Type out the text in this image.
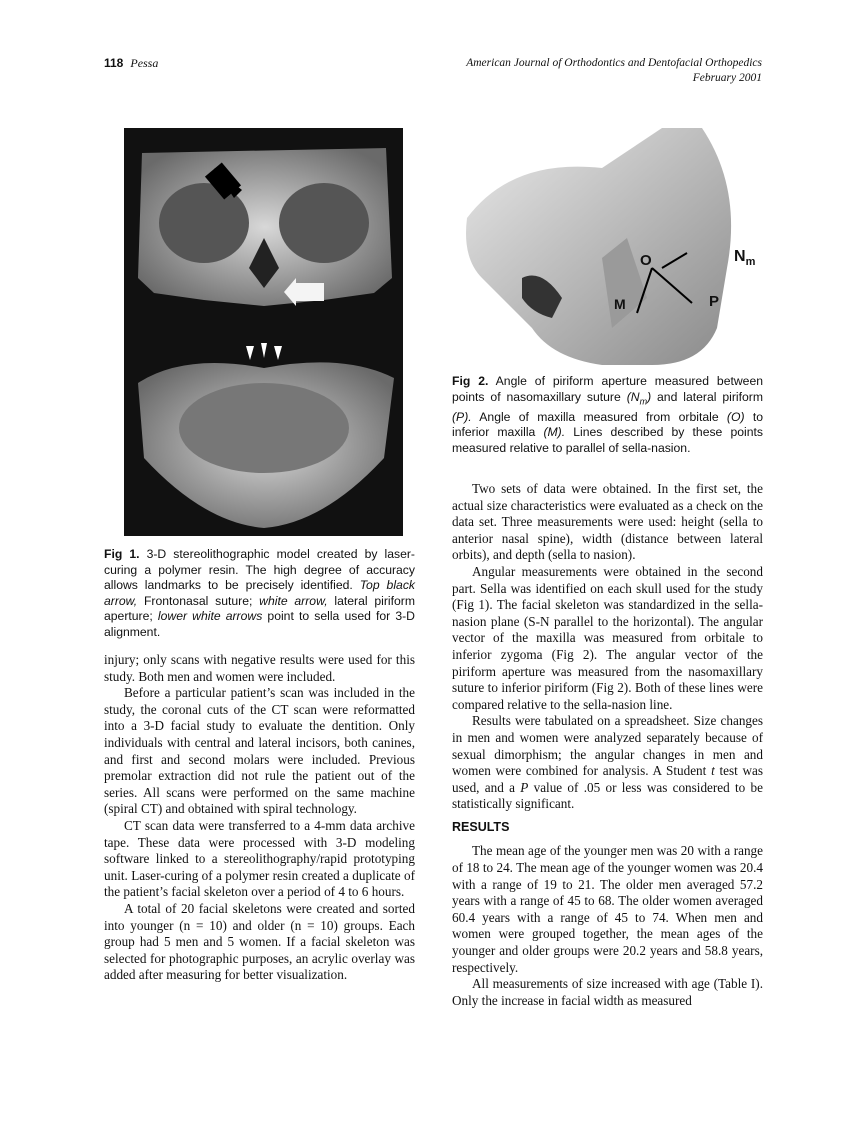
118 Pessa	American Journal of Orthodontics and Dentofacial Orthopedics
February 2001
Fig 1. 3-D stereolithographic model created by laser-curing a polymer resin. The high degree of accuracy allows landmarks to be precisely identified. Top black arrow, Frontonasal suture; white arrow, lateral piriform aperture; lower white arrows point to sella used for 3-D alignment.
O	$N_m$
M	P
Fig 2. Angle of piriform aperture measured between points of nasomaxillary suture $(N_m)$ and lateral piriform (P). Angle of maxilla measured from orbitale (O) to inferior maxilla (M). Lines described by these points measured relative to parallel of sella-nasion.

injury; only scans with negative results were used for this study. Both men and women were included.

Before a particular patient’s scan was included in the study, the coronal cuts of the CT scan were reformatted into a 3-D facial study to evaluate the dentition. Only individuals with central and lateral incisors, both canines, and first and second molars were included. Previous premolar extraction did not rule the patient out of the series. All scans were performed on the same machine (spiral CT) and obtained with spiral technology.

CT scan data were transferred to a 4-mm data archive tape. These data were processed with 3-D modeling software linked to a stereolithography/rapid prototyping unit. Laser-curing of a polymer resin created a duplicate of the patient’s facial skeleton over a period of 4 to 6 hours.

A total of 20 facial skeletons were created and sorted into younger (n = 10) and older (n = 10) groups. Each group had 5 men and 5 women. If a facial skeleton was selected for photographic purposes, an acrylic overlay was added after measuring for better visualization.

Two sets of data were obtained. In the first set, the actual size characteristics were evaluated as a check on the data set. Three measurements were used: height (sella to anterior nasal spine), width (distance between lateral orbits), and depth (sella to nasion).

Angular measurements were obtained in the second part. Sella was identified on each skull used for the study (Fig 1). The facial skeleton was standardized in the sella-nasion plane (S-N parallel to the horizontal). The angular vector of the maxilla was measured from orbitale to inferior zygoma (Fig 2). The angular vector of the piriform aperture was measured from the nasomaxillary suture to inferior piriform (Fig 2). Both of these lines were compared relative to the sella-nasion line.

Results were tabulated on a spreadsheet. Size changes in men and women were analyzed separately because of sexual dimorphism; the angular changes in men and women were combined for analysis. A Student t test was used, and a P value of .05 or less was considered to be statistically significant.

RESULTS

The mean age of the younger men was 20 with a range of 18 to 24. The mean age of the younger women was 20.4 with a range of 19 to 21. The older men averaged 57.2 years with a range of 45 to 68. The older women averaged 60.4 years with a range of 45 to 74. When men and women were grouped together, the mean ages of the younger and older groups were 20.2 years and 58.8 years, respectively.

All measurements of size increased with age (Table I). Only the increase in facial width as measured
